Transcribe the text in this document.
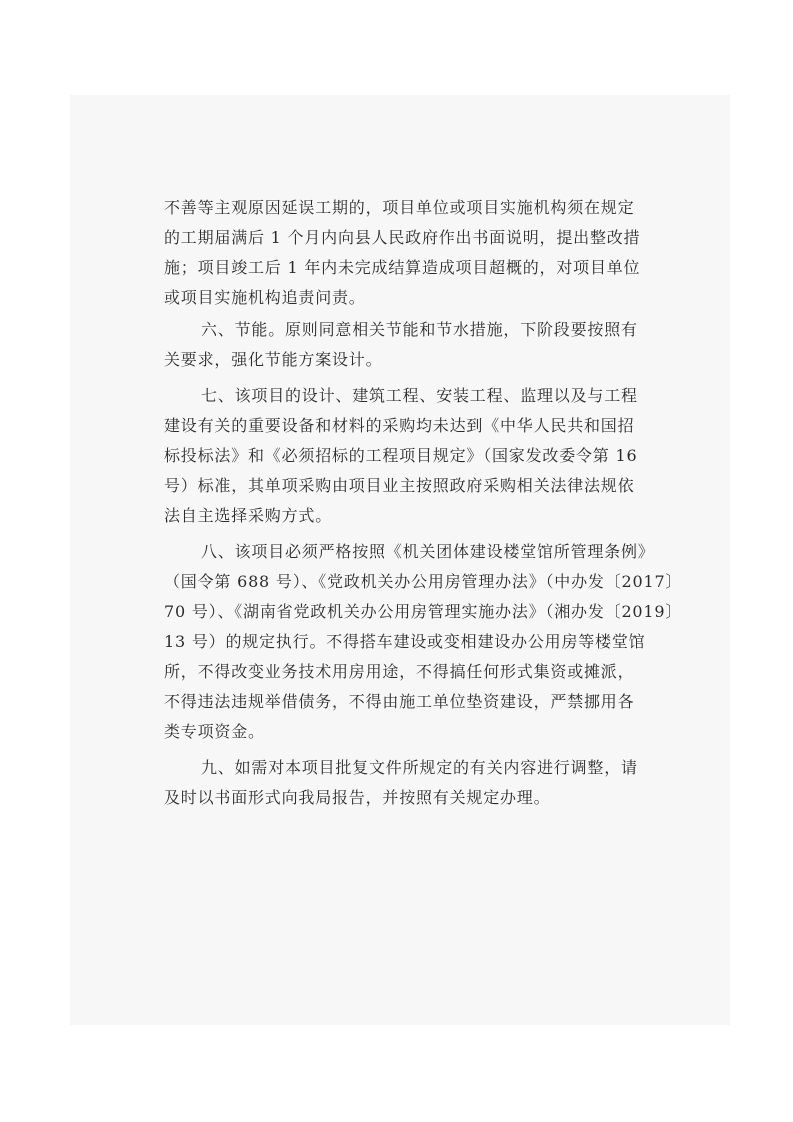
不善等主观原因延误工期的，项目单位或项目实施机构须在规定
的工期届满后 1 个月内向县人民政府作出书面说明，提出整改措
施；项目竣工后 1 年内未完成结算造成项目超概的，对项目单位
或项目实施机构追责问责。
六、节能。原则同意相关节能和节水措施，下阶段要按照有
关要求，强化节能方案设计。
七、该项目的设计、建筑工程、安装工程、监理以及与工程
建设有关的重要设备和材料的采购均未达到《中华人民共和国招
标投标法》和《必须招标的工程项目规定》（国家发改委令第 16
号）标准，其单项采购由项目业主按照政府采购相关法律法规依
法自主选择采购方式。
八、该项目必须严格按照《机关团体建设楼堂馆所管理条例》
（国令第 688 号）、《党政机关办公用房管理办法》（中办发〔2017〕
70 号）、《湖南省党政机关办公用房管理实施办法》（湘办发〔2019〕
13 号）的规定执行。不得搭车建设或变相建设办公用房等楼堂馆
所，不得改变业务技术用房用途，不得搞任何形式集资或摊派，
不得违法违规举借债务，不得由施工单位垫资建设，严禁挪用各
类专项资金。
九、如需对本项目批复文件所规定的有关内容进行调整，请
及时以书面形式向我局报告，并按照有关规定办理。
